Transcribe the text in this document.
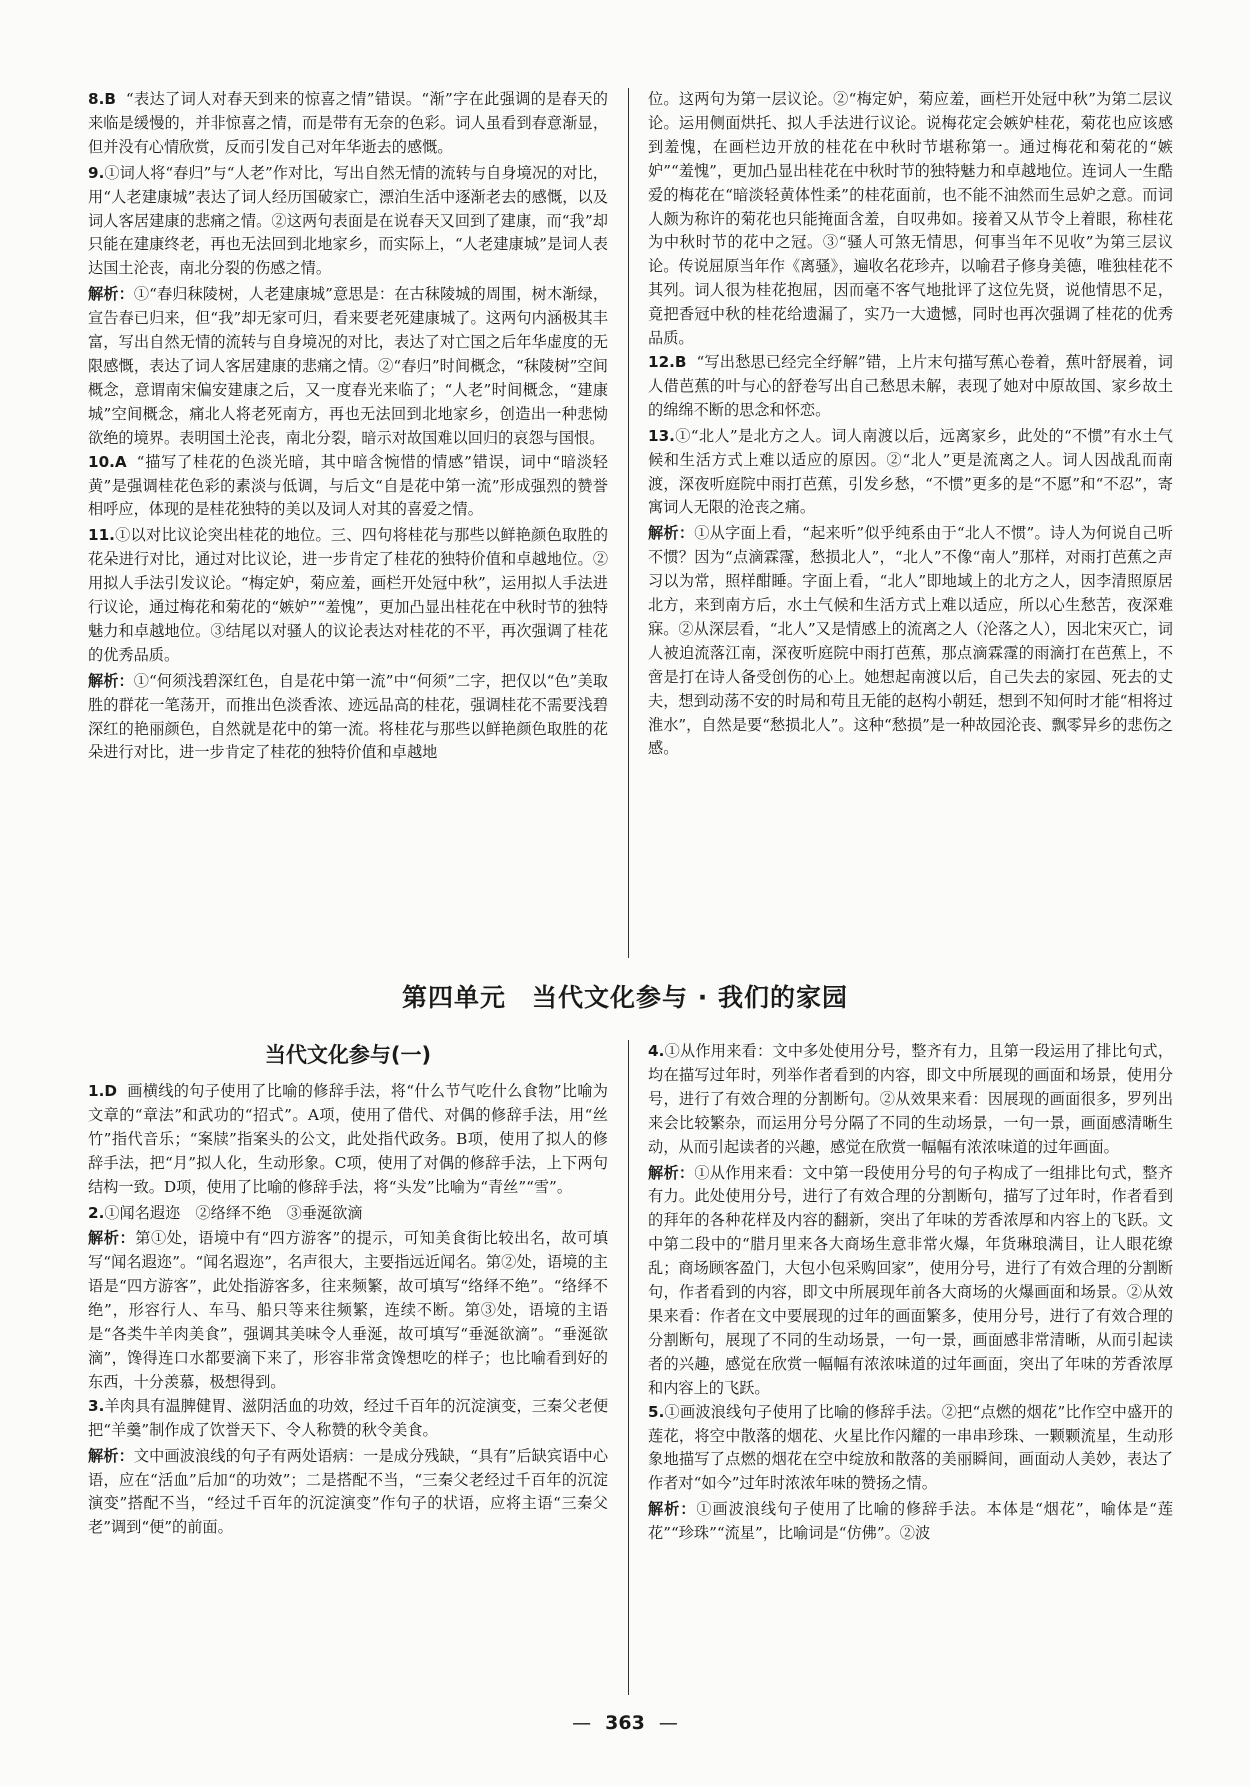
8.B “表达了词人对春天到来的惊喜之情”错误。“渐”字在此强调的是春天的来临是缓慢的，并非惊喜之情，而是带有无奈的色彩。词人虽看到春意渐显，但并没有心情欣赏，反而引发自己对年华逝去的感慨。
9.①词人将“春归”与“人老”作对比，写出自然无情的流转与自身境况的对比，用“人老建康城”表达了词人经历国破家亡，漂泊生活中逐渐老去的感慨，以及词人客居建康的悲痛之情。②这两句表面是在说春天又回到了建康，而“我”却只能在建康终老，再也无法回到北地家乡，而实际上，“人老建康城”是词人表达国土沦丧，南北分裂的伤感之情。
解析：①“春归秣陵树，人老建康城”意思是：在古秣陵城的周围，树木渐绿，宣告春已归来，但“我”却无家可归，看来要老死建康城了。这两句内涵极其丰富，写出自然无情的流转与自身境况的对比，表达了对亡国之后年华虚度的无限感慨，表达了词人客居建康的悲痛之情。②“春归”时间概念，“秣陵树”空间概念，意谓南宋偏安建康之后，又一度春光来临了；“人老”时间概念，“建康城”空间概念，痛北人将老死南方，再也无法回到北地家乡，创造出一种悲恸欲绝的境界。表明国土沦丧，南北分裂，暗示对故国难以回归的哀怨与国恨。
10.A “描写了桂花的色淡光暗，其中暗含惋惜的情感”错误，词中“暗淡轻黄”是强调桂花色彩的素淡与低调，与后文“自是花中第一流”形成强烈的赞誉相呼应，体现的是桂花独特的美以及词人对其的喜爱之情。
11.①以对比议论突出桂花的地位。三、四句将桂花与那些以鲜艳颜色取胜的花朵进行对比，通过对比议论，进一步肯定了桂花的独特价值和卓越地位。②用拟人手法引发议论。“梅定妒，菊应羞，画栏开处冠中秋”，运用拟人手法进行议论，通过梅花和菊花的“嫉妒”“羞愧”，更加凸显出桂花在中秋时节的独特魅力和卓越地位。③结尾以对骚人的议论表达对桂花的不平，再次强调了桂花的优秀品质。
解析：①“何须浅碧深红色，自是花中第一流”中“何须”二字，把仅以“色”美取胜的群花一笔荡开，而推出色淡香浓、迹远品高的桂花，强调桂花不需要浅碧深红的艳丽颜色，自然就是花中的第一流。将桂花与那些以鲜艳颜色取胜的花朵进行对比，进一步肯定了桂花的独特价值和卓越地
位。这两句为第一层议论。②“梅定妒，菊应羞，画栏开处冠中秋”为第二层议论。运用侧面烘托、拟人手法进行议论。说梅花定会嫉妒桂花，菊花也应该感到羞愧，在画栏边开放的桂花在中秋时节堪称第一。通过梅花和菊花的“嫉妒”“羞愧”，更加凸显出桂花在中秋时节的独特魅力和卓越地位。连词人一生酷爱的梅花在“暗淡轻黄体性柔”的桂花面前，也不能不油然而生忌妒之意。而词人颇为称许的菊花也只能掩面含羞，自叹弗如。接着又从节令上着眼，称桂花为中秋时节的花中之冠。③“骚人可煞无情思，何事当年不见收”为第三层议论。传说屈原当年作《离骚》，遍收名花珍卉，以喻君子修身美德，唯独桂花不其列。词人很为桂花抱屈，因而毫不客气地批评了这位先贤，说他情思不足，竟把香冠中秋的桂花给遗漏了，实乃一大遗憾，同时也再次强调了桂花的优秀品质。
12.B “写出愁思已经完全纾解”错，上片末句描写蕉心卷着，蕉叶舒展着，词人借芭蕉的叶与心的舒卷写出自己愁思未解，表现了她对中原故国、家乡故土的绵绵不断的思念和怀恋。
13.①“北人”是北方之人。词人南渡以后，远离家乡，此处的“不惯”有水土气候和生活方式上难以适应的原因。②“北人”更是流离之人。词人因战乱而南渡，深夜听庭院中雨打芭蕉，引发乡愁，“不惯”更多的是“不愿”和“不忍”，寄寓词人无限的沧丧之痛。
解析：①从字面上看，“起来听”似乎纯系由于“北人不惯”。诗人为何说自己听不惯？因为“点滴霖霪，愁损北人”，“北人”不像“南人”那样，对雨打芭蕉之声习以为常，照样酣睡。字面上看，“北人”即地域上的北方之人，因李清照原居北方，来到南方后，水土气候和生活方式上难以适应，所以心生愁苦，夜深难寐。②从深层看，“北人”又是情感上的流离之人（沦落之人），因北宋灭亡，词人被迫流落江南，深夜听庭院中雨打芭蕉，那点滴霖霪的雨滴打在芭蕉上，不啻是打在诗人备受创伤的心上。她想起南渡以后，自己失去的家园、死去的丈夫，想到动荡不安的时局和苟且无能的赵构小朝廷，想到不知何时才能“相将过淮水”，自然是要“愁损北人”。这种“愁损”是一种故园沦丧、飘零异乡的悲伤之感。
第四单元　当代文化参与 · 我们的家园
当代文化参与(一)
1.D 画横线的句子使用了比喻的修辞手法，将“什么节气吃什么食物”比喻为文章的“章法”和武功的“招式”。A项，使用了借代、对偶的修辞手法，用“丝竹”指代音乐；“案牍”指案头的公文，此处指代政务。B项，使用了拟人的修辞手法，把“月”拟人化，生动形象。C项，使用了对偶的修辞手法，上下两句结构一致。D项，使用了比喻的修辞手法，将“头发”比喻为“青丝”“雪”。
2.①闻名遐迩　②络绎不绝　③垂涎欲滴
解析：第①处，语境中有“四方游客”的提示，可知美食街比较出名，故可填写“闻名遐迩”。“闻名遐迩”，名声很大，主要指远近闻名。第②处，语境的主语是“四方游客”，此处指游客多，往来频繁，故可填写“络绎不绝”。“络绎不绝”，形容行人、车马、船只等来往频繁，连续不断。第③处，语境的主语是“各类牛羊肉美食”，强调其美味令人垂涎，故可填写“垂涎欲滴”。“垂涎欲滴”，馋得连口水都要滴下来了，形容非常贪馋想吃的样子；也比喻看到好的东西，十分羡慕，极想得到。
3.羊肉具有温脾健胃、滋阴活血的功效，经过千百年的沉淀演变，三秦父老便把“羊羹”制作成了饮誉天下、令人称赞的秋令美食。
解析：文中画波浪线的句子有两处语病：一是成分残缺，“具有”后缺宾语中心语，应在“活血”后加“的功效”；二是搭配不当，“三秦父老经过千百年的沉淀演变”搭配不当，“经过千百年的沉淀演变”作句子的状语，应将主语“三秦父老”调到“便”的前面。
4.①从作用来看：文中多处使用分号，整齐有力，且第一段运用了排比句式，均在描写过年时，列举作者看到的内容，即文中所展现的画面和场景，使用分号，进行了有效合理的分割断句。②从效果来看：因展现的画面很多，罗列出来会比较繁杂，而运用分号分隔了不同的生动场景，一句一景，画面感清晰生动，从而引起读者的兴趣，感觉在欣赏一幅幅有浓浓味道的过年画面。
解析：①从作用来看：文中第一段使用分号的句子构成了一组排比句式，整齐有力。此处使用分号，进行了有效合理的分割断句，描写了过年时，作者看到的拜年的各种花样及内容的翻新，突出了年味的芳香浓厚和内容上的飞跃。文中第二段中的“腊月里来各大商场生意非常火爆，年货琳琅满目，让人眼花缭乱；商场顾客盈门，大包小包采购回家”，使用分号，进行了有效合理的分割断句，作者看到的内容，即文中所展现年前各大商场的火爆画面和场景。②从效果来看：作者在文中要展现的过年的画面繁多，使用分号，进行了有效合理的分割断句，展现了不同的生动场景，一句一景，画面感非常清晰，从而引起读者的兴趣，感觉在欣赏一幅幅有浓浓味道的过年画面，突出了年味的芳香浓厚和内容上的飞跃。
5.①画波浪线句子使用了比喻的修辞手法。②把“点燃的烟花”比作空中盛开的莲花，将空中散落的烟花、火星比作闪耀的一串串珍珠、一颗颗流星，生动形象地描写了点燃的烟花在空中绽放和散落的美丽瞬间，画面动人美妙，表达了作者对“如今”过年时浓浓年味的赞扬之情。
解析：①画波浪线句子使用了比喻的修辞手法。本体是“烟花”，喻体是“莲花”“珍珠”“流星”，比喻词是“仿佛”。②波
— 363 —
